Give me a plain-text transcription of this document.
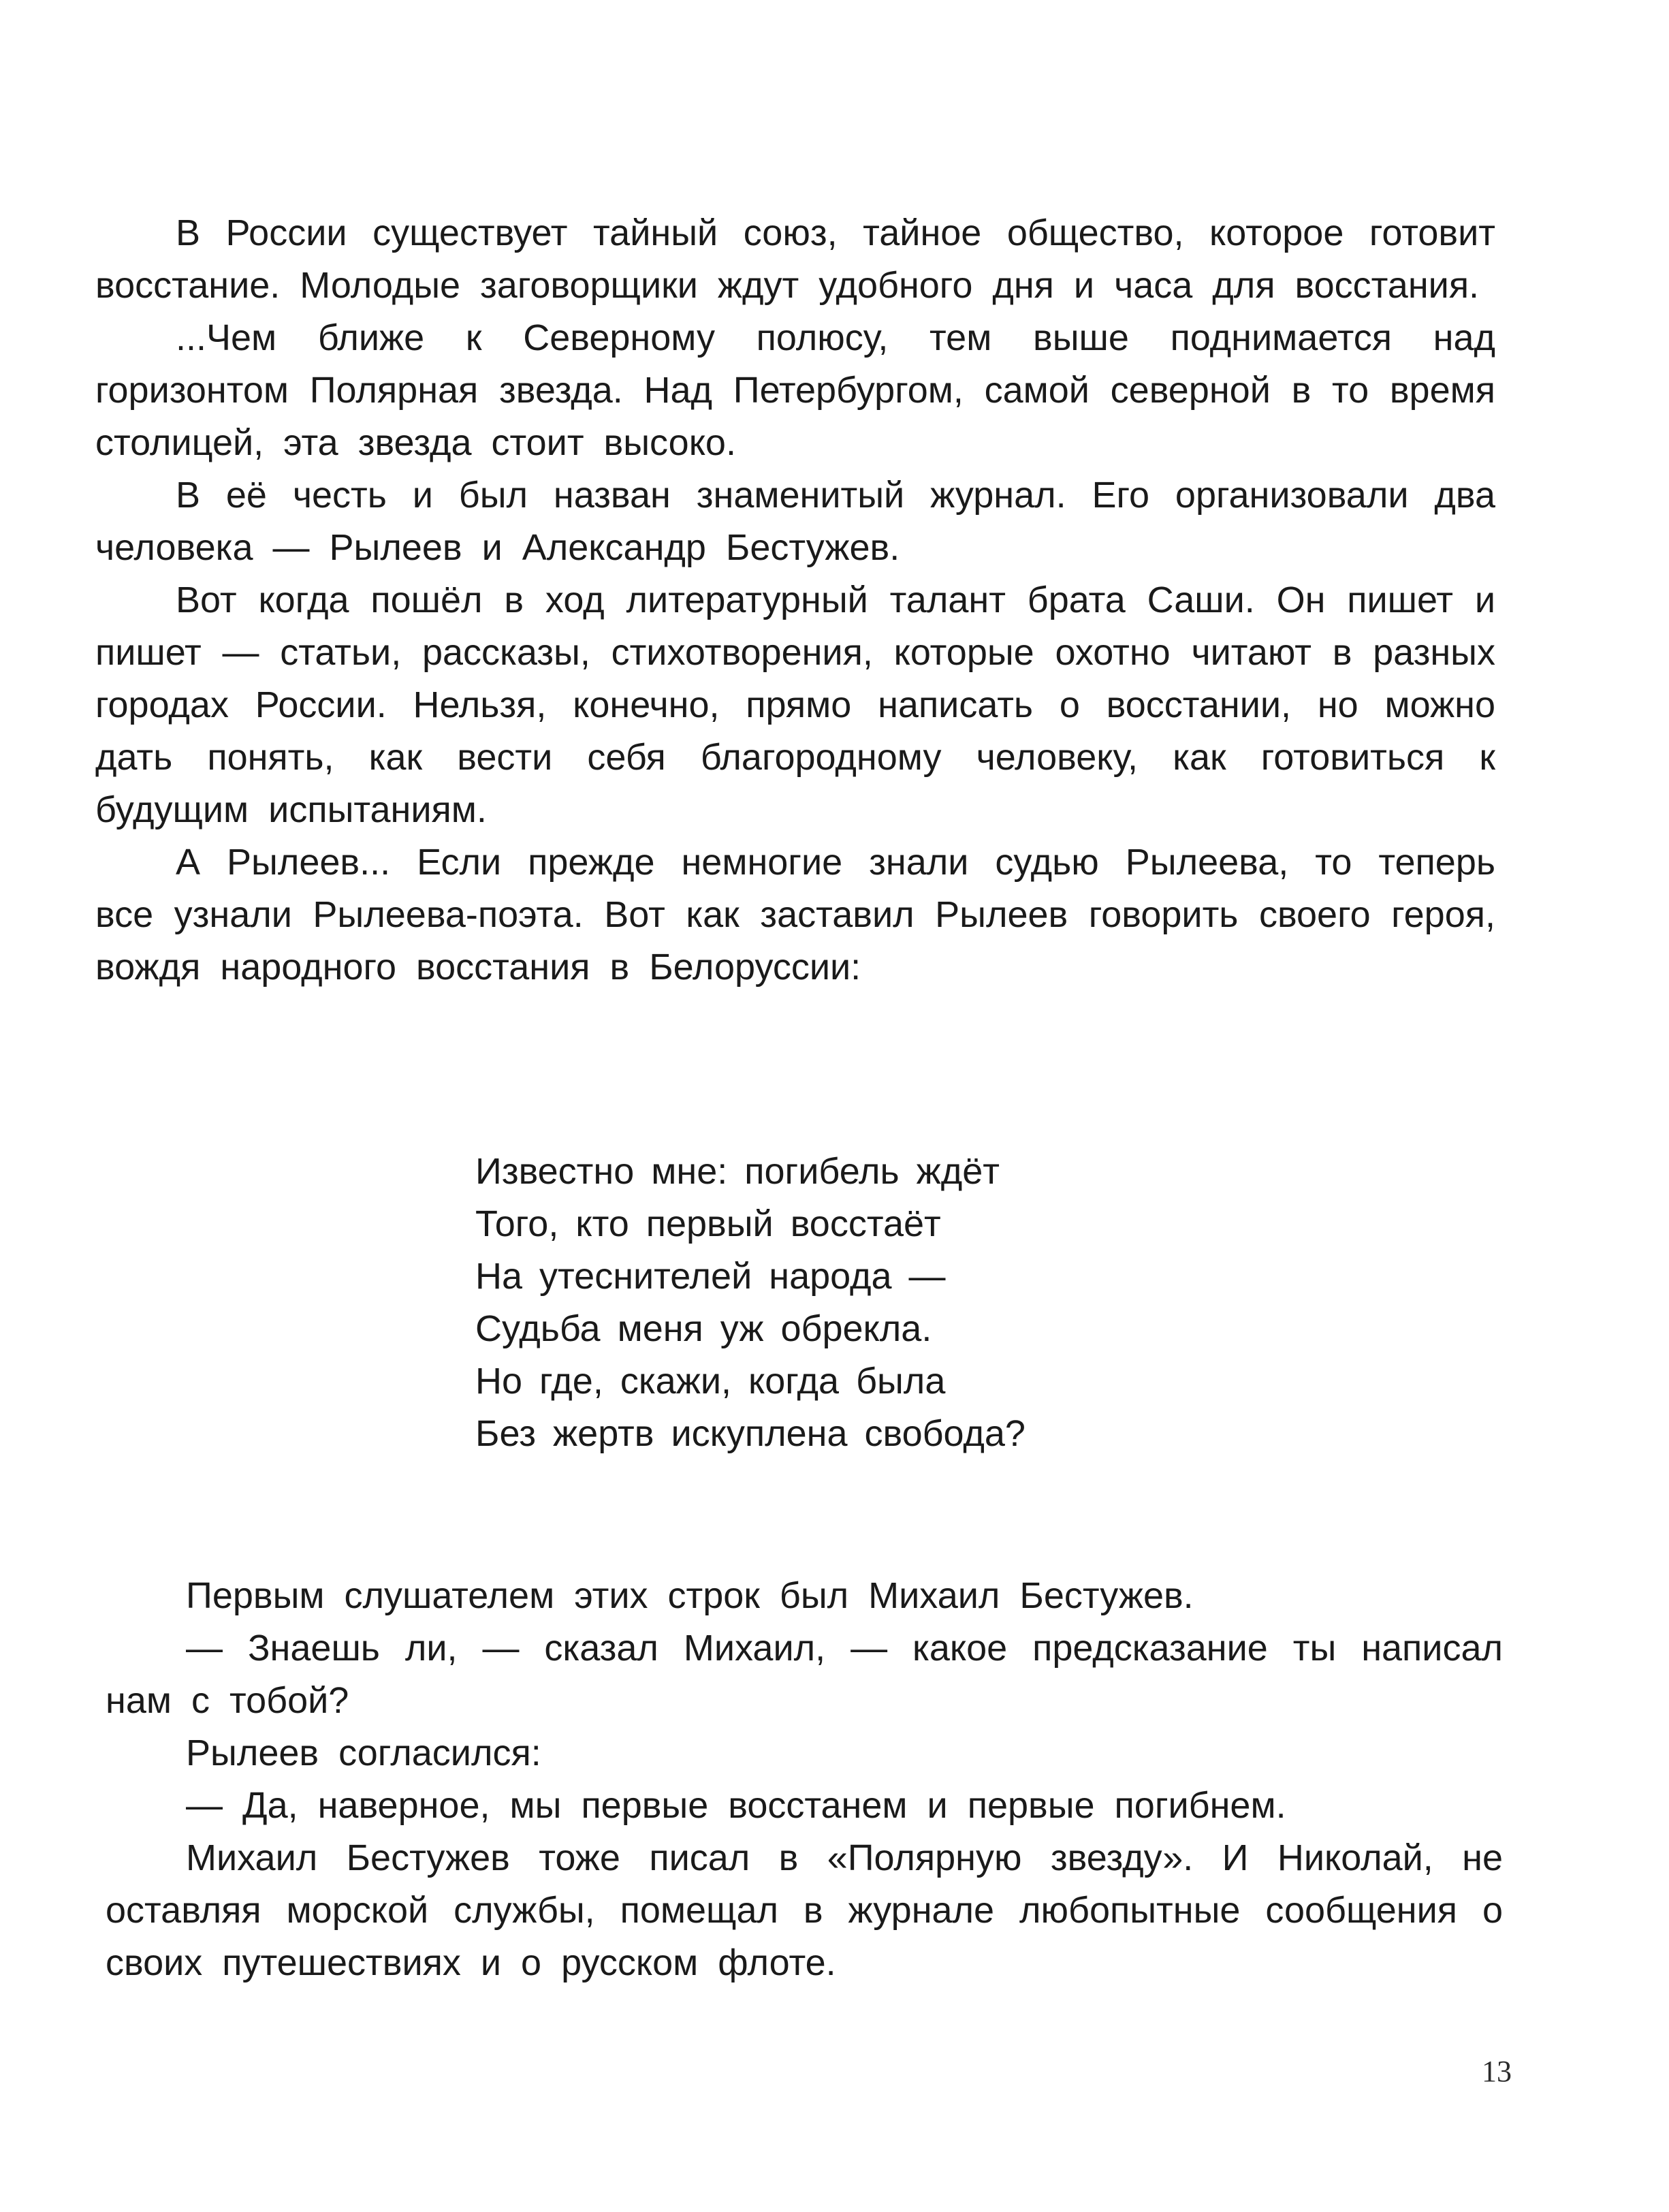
В России существует тайный союз, тайное общество, которое готовит восстание. Молодые заговорщики ждут удобного дня и часа для восстания.

...Чем ближе к Северному полюсу, тем выше поднимается над горизонтом Полярная звезда. Над Петербургом, самой северной в то время столицей, эта звезда стоит высоко.

В её честь и был назван знаменитый журнал. Его организовали два человека — Рылеев и Александр Бестужев.

Вот когда пошёл в ход литературный талант брата Саши. Он пишет и пишет — статьи, рассказы, стихотворения, которые охотно читают в разных городах России. Нельзя, конечно, прямо написать о восстании, но можно дать понять, как вести себя благородному человеку, как готовиться к будущим испытаниям.

А Рылеев... Если прежде немногие знали судью Рылеева, то теперь все узнали Рылеева-поэта. Вот как заставил Рылеев говорить своего героя, вождя народного восстания в Белоруссии:

Известно мне: погибель ждёт
Того, кто первый восстаёт
На утеснителей народа —
Судьба меня уж обрекла.
Но где, скажи, когда была
Без жертв искуплена свобода?

Первым слушателем этих строк был Михаил Бестужев.

— Знаешь ли, — сказал Михаил, — какое предсказание ты написал нам с тобой?

Рылеев согласился:

— Да, наверное, мы первые восстанем и первые погибнем.

Михаил Бестужев тоже писал в «Полярную звезду». И Николай, не оставляя морской службы, помещал в журнале любопытные сообщения о своих путешествиях и о русском флоте.

13
